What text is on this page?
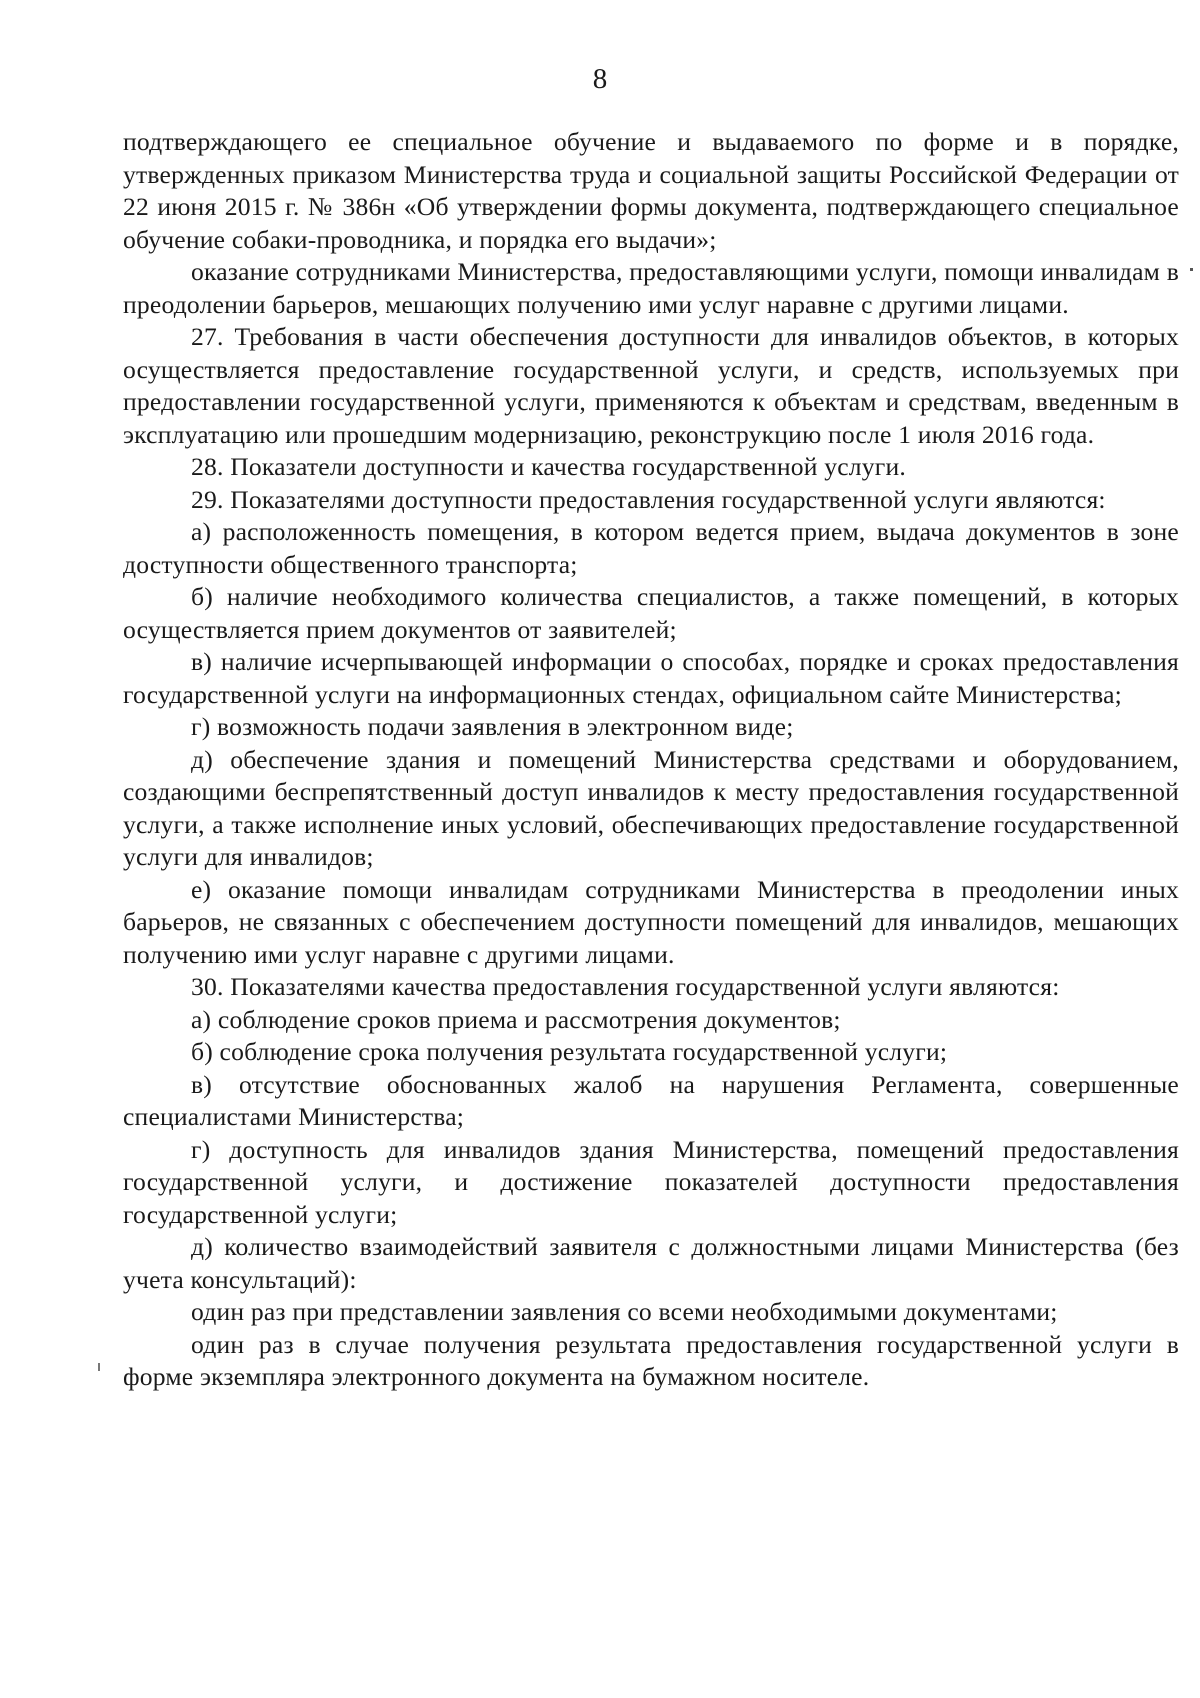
8

подтверждающего ее специальное обучение и выдаваемого по форме и в порядке, утвержденных приказом Министерства труда и социальной защиты Российской Федерации от 22 июня 2015 г. № 386н «Об утверждении формы документа, подтверждающего специальное обучение собаки-проводника, и порядка его выдачи»;

оказание сотрудниками Министерства, предоставляющими услуги, помощи инвалидам в преодолении барьеров, мешающих получению ими услуг наравне с другими лицами.

27. Требования в части обеспечения доступности для инвалидов объектов, в которых осуществляется предоставление государственной услуги, и средств, используемых при предоставлении государственной услуги, применяются к объектам и средствам, введенным в эксплуатацию или прошедшим модернизацию, реконструкцию после 1 июля 2016 года.

28. Показатели доступности и качества государственной услуги.

29. Показателями доступности предоставления государственной услуги являются:

а) расположенность помещения, в котором ведется прием, выдача документов в зоне доступности общественного транспорта;

б) наличие необходимого количества специалистов, а также помещений, в которых осуществляется прием документов от заявителей;

в) наличие исчерпывающей информации о способах, порядке и сроках предоставления государственной услуги на информационных стендах, официальном сайте Министерства;

г) возможность подачи заявления в электронном виде;

д) обеспечение здания и помещений Министерства средствами и оборудованием, создающими беспрепятственный доступ инвалидов к месту предоставления государственной услуги, а также исполнение иных условий, обеспечивающих предоставление государственной услуги для инвалидов;

е) оказание помощи инвалидам сотрудниками Министерства в преодолении иных барьеров, не связанных с обеспечением доступности помещений для инвалидов, мешающих получению ими услуг наравне с другими лицами.

30. Показателями качества предоставления государственной услуги являются:

а) соблюдение сроков приема и рассмотрения документов;

б) соблюдение срока получения результата государственной услуги;

в) отсутствие обоснованных жалоб на нарушения Регламента, совершенные специалистами Министерства;

г) доступность для инвалидов здания Министерства, помещений предоставления государственной услуги, и достижение показателей доступности предоставления государственной услуги;

д) количество взаимодействий заявителя с должностными лицами Министерства (без учета консультаций):

один раз при представлении заявления со всеми необходимыми документами;

один раз в случае получения результата предоставления государственной услуги в форме экземпляра электронного документа на бумажном носителе.
